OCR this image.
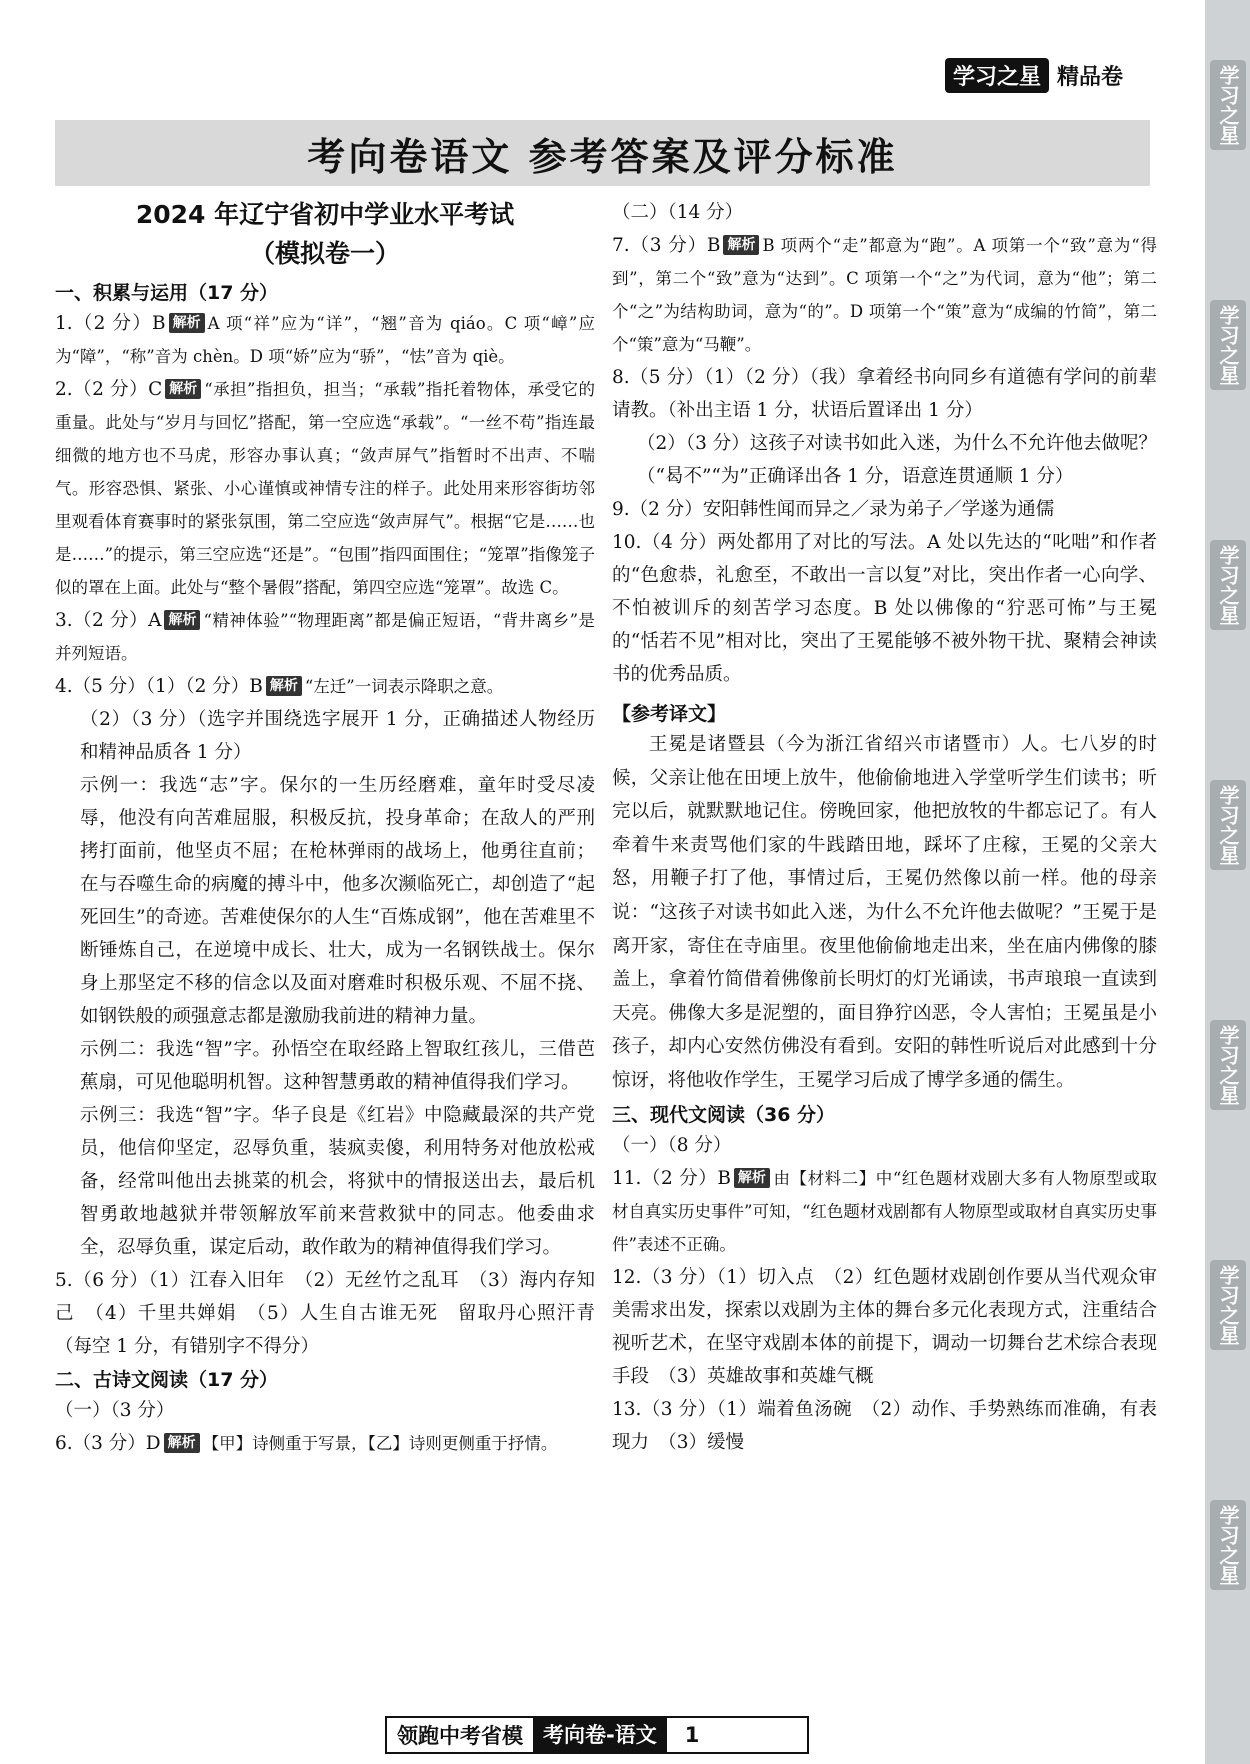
学习之星
学习之星
学习之星
学习之星
学习之星
学习之星
学习之星
学习之星 精品卷
考向卷语文 参考答案及评分标准

2024 年辽宁省初中学业水平考试

（模拟卷一）

一、积累与运用（17 分）

1.（2 分）B 解析 A 项“祥”应为“详”，“翘”音为 qiáo。C 项“嶂”应为“障”，“称”音为 chèn。D 项“娇”应为“骄”，“怯”音为 qiè。

2.（2 分）C 解析 “承担”指担负，担当；“承载”指托着物体，承受它的重量。此处与“岁月与回忆”搭配，第一空应选“承载”。“一丝不苟”指连最细微的地方也不马虎，形容办事认真；“敛声屏气”指暂时不出声、不喘气。形容恐惧、紧张、小心谨慎或神情专注的样子。此处用来形容街坊邻里观看体育赛事时的紧张氛围，第二空应选“敛声屏气”。根据“它是……也是……”的提示，第三空应选“还是”。“包围”指四面围住；“笼罩”指像笼子似的罩在上面。此处与“整个暑假”搭配，第四空应选“笼罩”。故选 C。

3.（2 分）A 解析 “精神体验”“物理距离”都是偏正短语，“背井离乡”是并列短语。

4.（5 分）（1）（2 分）B 解析 “左迁”一词表示降职之意。

（2）（3 分）（选字并围绕选字展开 1 分，正确描述人物经历和精神品质各 1 分）

示例一：我选“志”字。保尔的一生历经磨难，童年时受尽凌辱，他没有向苦难屈服，积极反抗，投身革命；在敌人的严刑拷打面前，他坚贞不屈；在枪林弹雨的战场上，他勇往直前；在与吞噬生命的病魔的搏斗中，他多次濒临死亡，却创造了“起死回生”的奇迹。苦难使保尔的人生“百炼成钢”，他在苦难里不断锤炼自己，在逆境中成长、壮大，成为一名钢铁战士。保尔身上那坚定不移的信念以及面对磨难时积极乐观、不屈不挠、如钢铁般的顽强意志都是激励我前进的精神力量。

示例二：我选“智”字。孙悟空在取经路上智取红孩儿，三借芭蕉扇，可见他聪明机智。这种智慧勇敢的精神值得我们学习。

示例三：我选“智”字。华子良是《红岩》中隐藏最深的共产党员，他信仰坚定，忍辱负重，装疯卖傻，利用特务对他放松戒备，经常叫他出去挑菜的机会，将狱中的情报送出去，最后机智勇敢地越狱并带领解放军前来营救狱中的同志。他委曲求全，忍辱负重，谋定后动，敢作敢为的精神值得我们学习。

5.（6 分）（1）江春入旧年　（2）无丝竹之乱耳　（3）海内存知己　（4）千里共婵娟　（5）人生自古谁无死　留取丹心照汗青（每空 1 分，有错别字不得分）

二、古诗文阅读（17 分）

（一）（3 分）

6.（3 分）D 解析 【甲】诗侧重于写景，【乙】诗则更侧重于抒情。

（二）（14 分）

7.（3 分）B 解析 B 项两个“走”都意为“跑”。A 项第一个“致”意为“得到”，第二个“致”意为“达到”。C 项第一个“之”为代词，意为“他”；第二个“之”为结构助词，意为“的”。D 项第一个“策”意为“成编的竹简”，第二个“策”意为“马鞭”。

8.（5 分）（1）（2 分）（我）拿着经书向同乡有道德有学问的前辈请教。（补出主语 1 分，状语后置译出 1 分）

（2）（3 分）这孩子对读书如此入迷，为什么不允许他去做呢？（“曷不”“为”正确译出各 1 分，语意连贯通顺 1 分）

9.（2 分）安阳韩性闻而异之／录为弟子／学遂为通儒

10.（4 分）两处都用了对比的写法。A 处以先达的“叱咄”和作者的“色愈恭，礼愈至，不敢出一言以复”对比，突出作者一心向学、不怕被训斥的刻苦学习态度。B 处以佛像的“狞恶可怖”与王冕的“恬若不见”相对比，突出了王冕能够不被外物干扰、聚精会神读书的优秀品质。

【参考译文】

王冕是诸暨县（今为浙江省绍兴市诸暨市）人。七八岁的时候，父亲让他在田埂上放牛，他偷偷地进入学堂听学生们读书；听完以后，就默默地记住。傍晚回家，他把放牧的牛都忘记了。有人牵着牛来责骂他们家的牛践踏田地，踩坏了庄稼，王冕的父亲大怒，用鞭子打了他，事情过后，王冕仍然像以前一样。他的母亲说：“这孩子对读书如此入迷，为什么不允许他去做呢？”王冕于是离开家，寄住在寺庙里。夜里他偷偷地走出来，坐在庙内佛像的膝盖上，拿着竹简借着佛像前长明灯的灯光诵读，书声琅琅一直读到天亮。佛像大多是泥塑的，面目狰狞凶恶，令人害怕；王冕虽是小孩子，却内心安然仿佛没有看到。安阳的韩性听说后对此感到十分惊讶，将他收作学生，王冕学习后成了博学多通的儒生。

三、现代文阅读（36 分）

（一）（8 分）

11.（2 分）B 解析 由【材料二】中“红色题材戏剧大多有人物原型或取材自真实历史事件”可知，“红色题材戏剧都有人物原型或取材自真实历史事件”表述不正确。

12.（3 分）（1）切入点　（2）红色题材戏剧创作要从当代观众审美需求出发，探索以戏剧为主体的舞台多元化表现方式，注重结合视听艺术，在坚守戏剧本体的前提下，调动一切舞台艺术综合表现手段　（3）英雄故事和英雄气概

13.（3 分）（1）端着鱼汤碗　（2）动作、手势熟练而准确，有表现力　（3）缓慢

领跑中考省模 考向卷-语文	1
